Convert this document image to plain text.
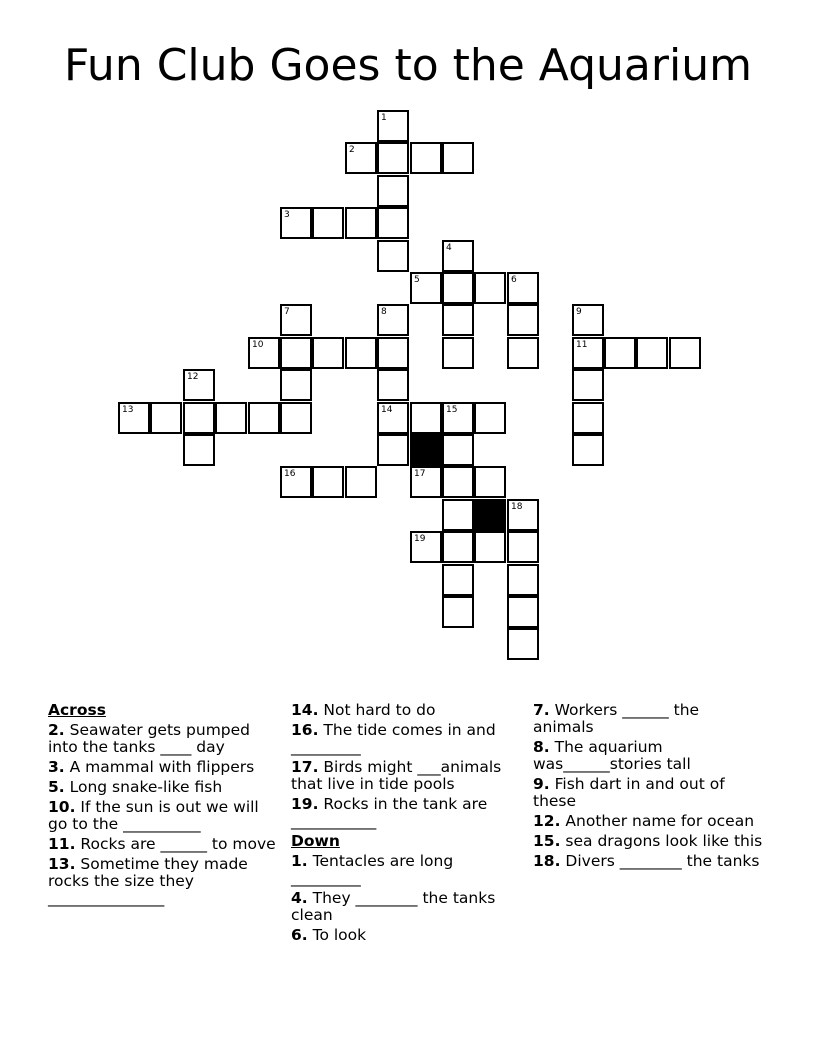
Fun Club Goes to the Aquarium
1
2
3
4
5	6
7	8	9
10	11
12
13	14	15
16	17
18
19
Across

2. Seawater gets pumped into the tanks ____ day

3. A mammal with flippers

5. Long snake-like fish

10. If the sun is out we will go to the __________

11. Rocks are ______ to move

13. Sometime they made rocks the size they _______________

14. Not hard to do

16. The tide comes in and _________

17. Birds might ___animals that live in tide pools

19. Rocks in the tank are ___________

Down

1. Tentacles are long _________

4. They ________ the tanks clean

6. To look

7. Workers ______ the animals

8. The aquarium was______stories tall

9. Fish dart in and out of these

12. Another name for ocean

15. sea dragons look like this

18. Divers ________ the tanks
